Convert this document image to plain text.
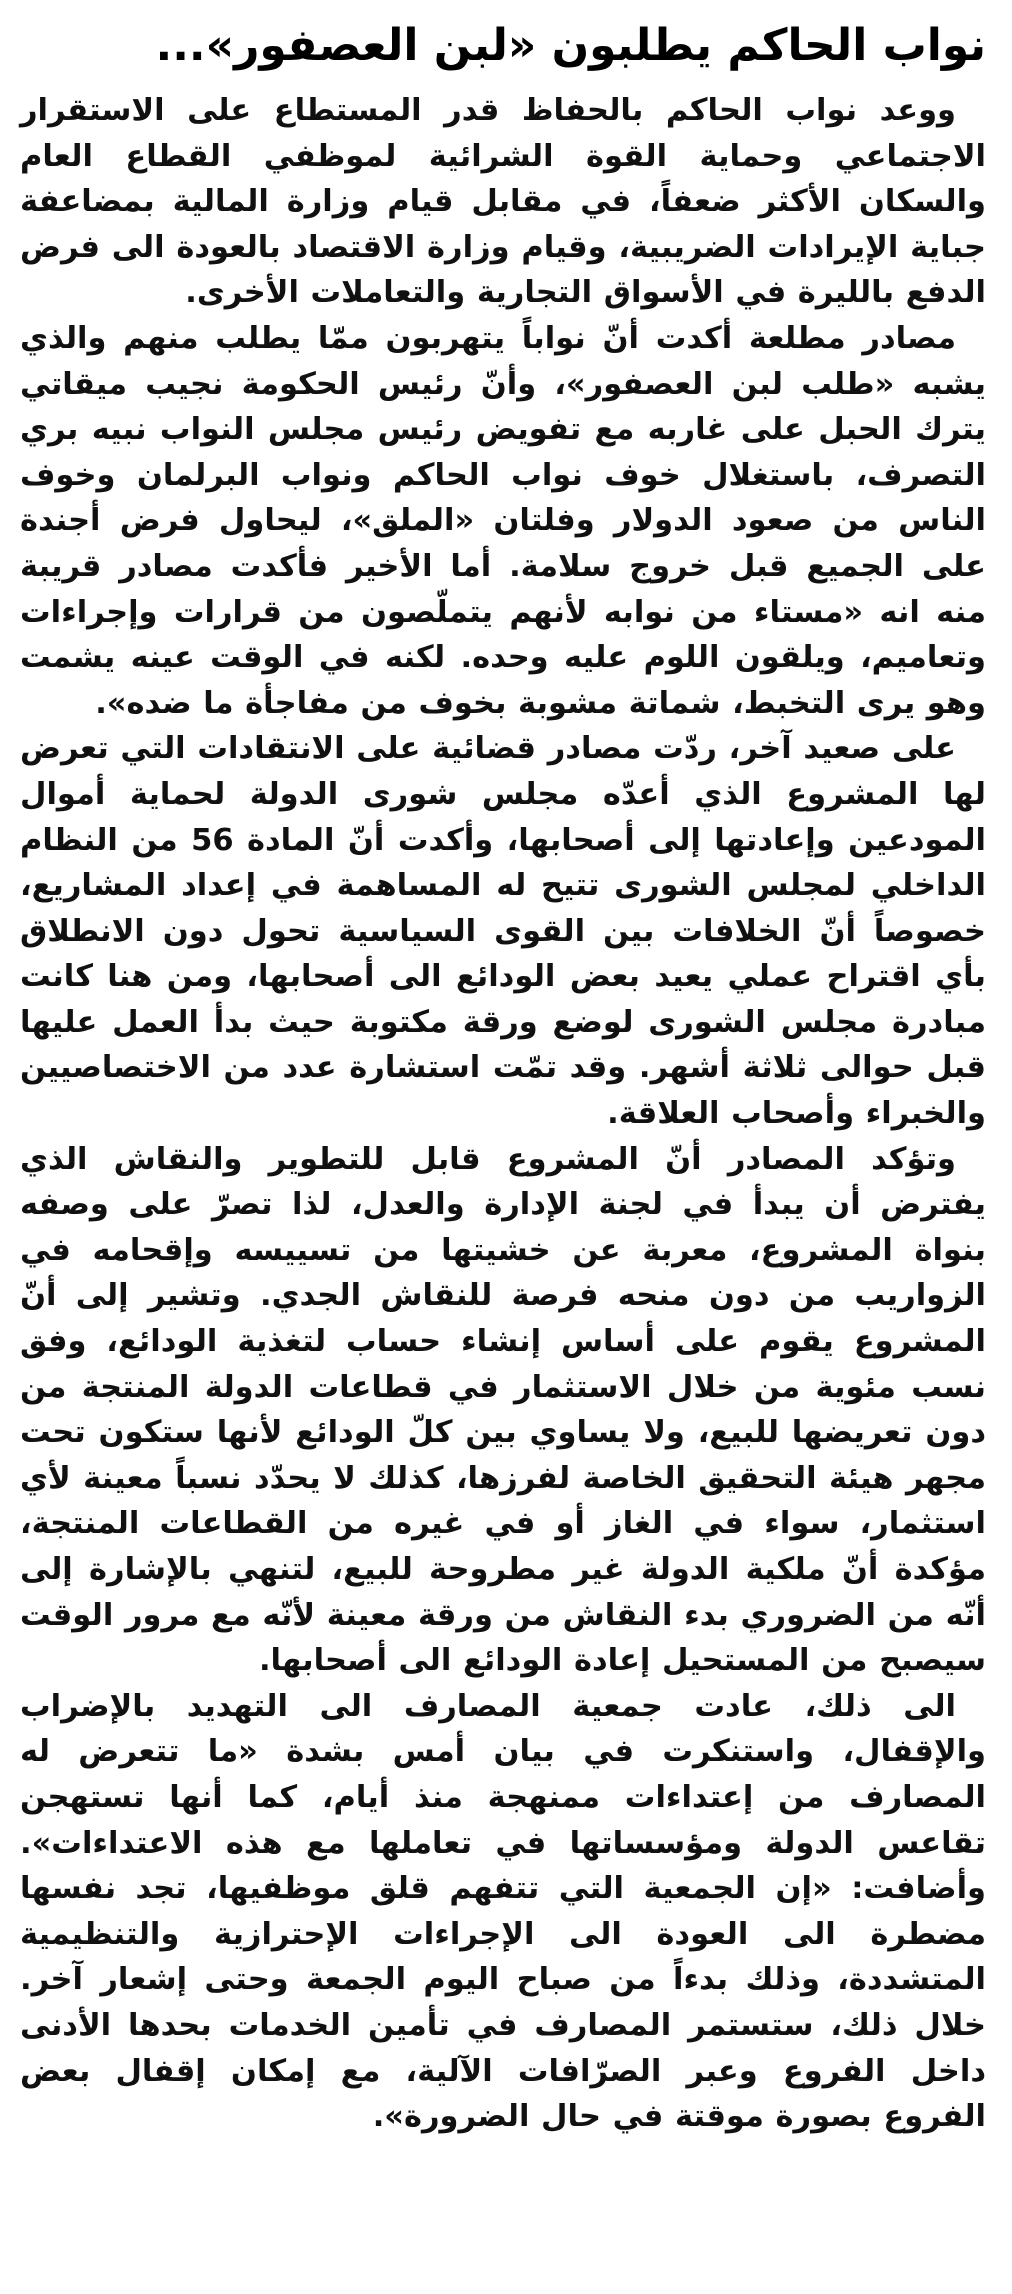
نواب الحاكم يطلبون «لبن العصفور»...

ووعد نواب الحاكم بالحفاظ قدر المستطاع على الاستقرار الاجتماعي وحماية القوة الشرائية لموظفي القطاع العام والسكان الأكثر ضعفاً، في مقابل قيام وزارة المالية بمضاعفة جباية الإيرادات الضريبية، وقيام وزارة الاقتصاد بالعودة الى فرض الدفع بالليرة في الأسواق التجارية والتعاملات الأخرى.

مصادر مطلعة أكدت أنّ نواباً يتهربون ممّا يطلب منهم والذي يشبه «طلب لبن العصفور»، وأنّ رئيس الحكومة نجيب ميقاتي يترك الحبل على غاربه مع تفويض رئيس مجلس النواب نبيه بري التصرف، باستغلال خوف نواب الحاكم ونواب البرلمان وخوف الناس من صعود الدولار وفلتان «الملق»، ليحاول فرض أجندة على الجميع قبل خروج سلامة. أما الأخير فأكدت مصادر قريبة منه انه «مستاء من نوابه لأنهم يتملّصون من قرارات وإجراءات وتعاميم، ويلقون اللوم عليه وحده. لكنه في الوقت عينه يشمت وهو يرى التخبط، شماتة مشوبة بخوف من مفاجأة ما ضده».

على صعيد آخر، ردّت مصادر قضائية على الانتقادات التي تعرض لها المشروع الذي أعدّه مجلس شورى الدولة لحماية أموال المودعين وإعادتها إلى أصحابها، وأكدت أنّ المادة 56 من النظام الداخلي لمجلس الشورى تتيح له المساهمة في إعداد المشاريع، خصوصاً أنّ الخلافات بين القوى السياسية تحول دون الانطلاق بأي اقتراح عملي يعيد بعض الودائع الى أصحابها، ومن هنا كانت مبادرة مجلس الشورى لوضع ورقة مكتوبة حيث بدأ العمل عليها قبل حوالى ثلاثة أشهر. وقد تمّت استشارة عدد من الاختصاصيين والخبراء وأصحاب العلاقة.

وتؤكد المصادر أنّ المشروع قابل للتطوير والنقاش الذي يفترض أن يبدأ في لجنة الإدارة والعدل، لذا تصرّ على وصفه بنواة المشروع، معربة عن خشيتها من تسييسه وإقحامه في الزواريب من دون منحه فرصة للنقاش الجدي. وتشير إلى أنّ المشروع يقوم على أساس إنشاء حساب لتغذية الودائع، وفق نسب مئوية من خلال الاستثمار في قطاعات الدولة المنتجة من دون تعريضها للبيع، ولا يساوي بين كلّ الودائع لأنها ستكون تحت مجهر هيئة التحقيق الخاصة لفرزها، كذلك لا يحدّد نسباً معينة لأي استثمار، سواء في الغاز أو في غيره من القطاعات المنتجة، مؤكدة أنّ ملكية الدولة غير مطروحة للبيع، لتنهي بالإشارة إلى أنّه من الضروري بدء النقاش من ورقة معينة لأنّه مع مرور الوقت سيصبح من المستحيل إعادة الودائع الى أصحابها.

الى ذلك، عادت جمعية المصارف الى التهديد بالإضراب والإقفال، واستنكرت في بيان أمس بشدة «ما تتعرض له المصارف من إعتداءات ممنهجة منذ أيام، كما أنها تستهجن تقاعس الدولة ومؤسساتها في تعاملها مع هذه الاعتداءات». وأضافت: «إن الجمعية التي تتفهم قلق موظفيها، تجد نفسها مضطرة الى العودة الى الإجراءات الإحترازية والتنظيمية المتشددة، وذلك بدءاً من صباح اليوم الجمعة وحتى إشعار آخر. خلال ذلك، ستستمر المصارف في تأمين الخدمات بحدها الأدنى داخل الفروع وعبر الصرّافات الآلية، مع إمكان إقفال بعض الفروع بصورة موقتة في حال الضرورة».
